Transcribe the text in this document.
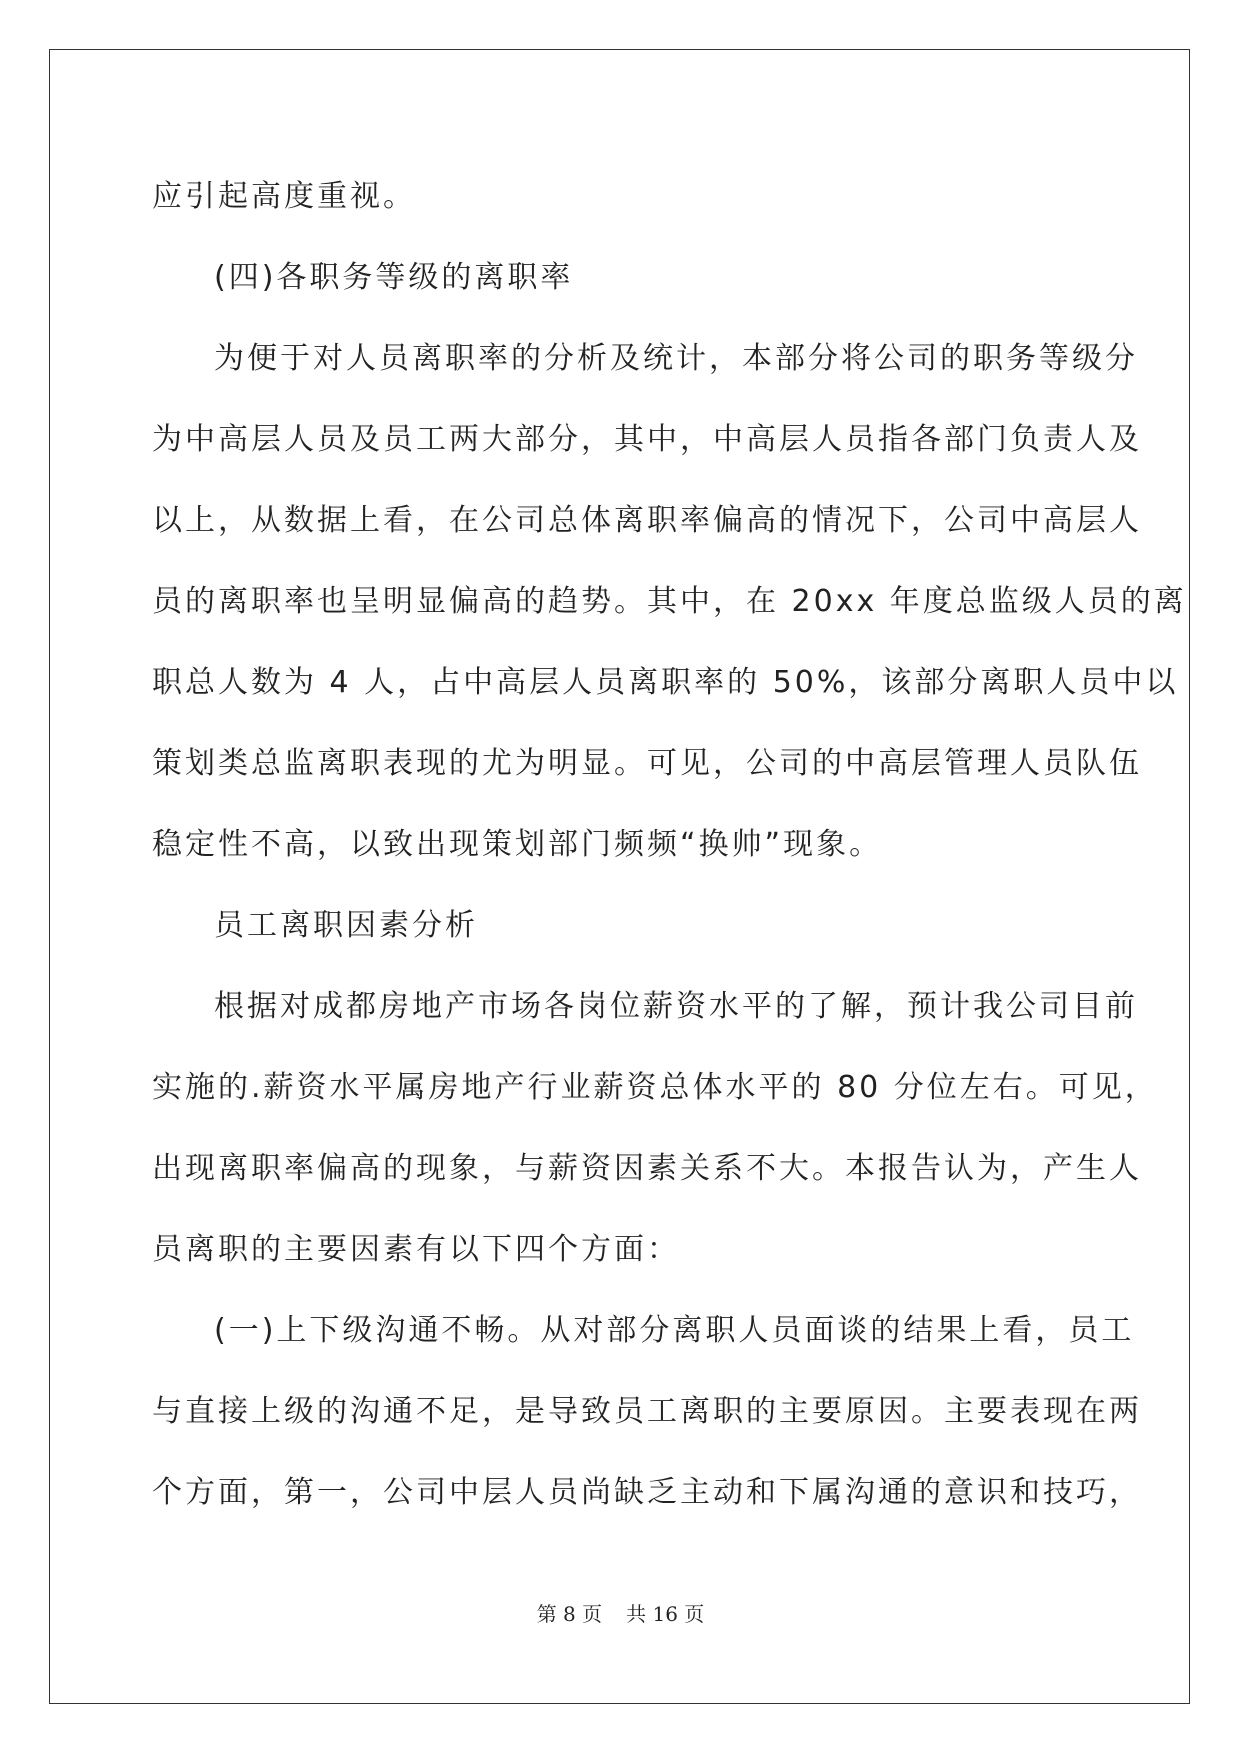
应引起高度重视。

(四)各职务等级的离职率

为便于对人员离职率的分析及统计，本部分将公司的职务等级分

为中高层人员及员工两大部分，其中，中高层人员指各部门负责人及

以上，从数据上看，在公司总体离职率偏高的情况下，公司中高层人

员的离职率也呈明显偏高的趋势。其中，在 20xx 年度总监级人员的离

职总人数为 4 人，占中高层人员离职率的 50%，该部分离职人员中以

策划类总监离职表现的尤为明显。可见，公司的中高层管理人员队伍

稳定性不高，以致出现策划部门频频“换帅”现象。

员工离职因素分析

根据对成都房地产市场各岗位薪资水平的了解，预计我公司目前

实施的.薪资水平属房地产行业薪资总体水平的 80 分位左右。可见，

出现离职率偏高的现象，与薪资因素关系不大。本报告认为，产生人

员离职的主要因素有以下四个方面：

(一)上下级沟通不畅。从对部分离职人员面谈的结果上看，员工

与直接上级的沟通不足，是导致员工离职的主要原因。主要表现在两

个方面，第一，公司中层人员尚缺乏主动和下属沟通的意识和技巧，

第 8 页 共 16 页
